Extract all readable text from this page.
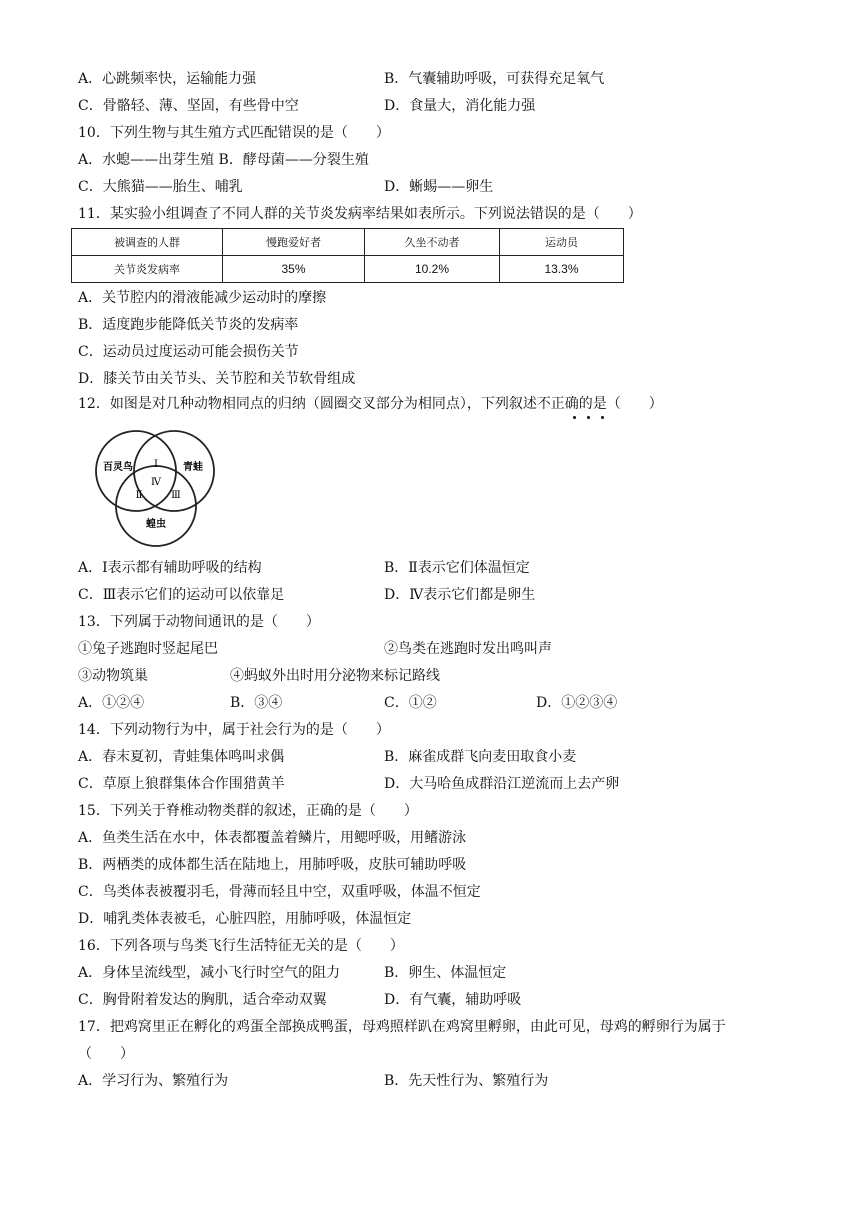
A．心跳频率快，运输能力强	B．气囊辅助呼吸，可获得充足氧气
C．骨骼轻、薄、坚固，有些骨中空	D．食量大，消化能力强
10．下列生物与其生殖方式匹配错误的是（　　）
A．水螅——出芽生殖 B．酵母菌——分裂生殖
C．大熊猫——胎生、哺乳	D．蜥蜴——卵生
11．某实验小组调查了不同人群的关节炎发病率结果如表所示。下列说法错误的是（　　）
被调查的人群	慢跑爱好者	久坐不动者	运动员
关节炎发病率	35%	10.2%	13.3%
A．关节腔内的滑液能减少运动时的摩擦
B．适度跑步能降低关节炎的发病率
C．运动员过度运动可能会损伤关节
D．膝关节由关节头、关节腔和关节软骨组成
12．如图是对几种动物相同点的归纳（圆圈交叉部分为相同点），下列叙述不正确的是（　　）
百灵鸟	青蛙
蝗虫
Ⅰ
Ⅱ	Ⅲ
Ⅳ
A．Ⅰ表示都有辅助呼吸的结构	B．Ⅱ表示它们体温恒定
C．Ⅲ表示它们的运动可以依靠足	D．Ⅳ表示它们都是卵生
13．下列属于动物间通讯的是（　　）
①兔子逃跑时竖起尾巴	②鸟类在逃跑时发出鸣叫声
③动物筑巢	④蚂蚁外出时用分泌物来标记路线
A．①②④	B．③④	C．①②	D．①②③④
14．下列动物行为中，属于社会行为的是（　　）
A．春末夏初，青蛙集体鸣叫求偶	B．麻雀成群飞向麦田取食小麦
C．草原上狼群集体合作围猎黄羊	D．大马哈鱼成群沿江逆流而上去产卵
15．下列关于脊椎动物类群的叙述，正确的是（　　）
A．鱼类生活在水中，体表都覆盖着鳞片，用鳃呼吸，用鳍游泳
B．两栖类的成体都生活在陆地上，用肺呼吸，皮肤可辅助呼吸
C．鸟类体表被覆羽毛，骨薄而轻且中空，双重呼吸，体温不恒定
D．哺乳类体表被毛，心脏四腔，用肺呼吸，体温恒定
16．下列各项与鸟类飞行生活特征无关的是（　　）
A．身体呈流线型，减小飞行时空气的阻力	B．卵生、体温恒定
C．胸骨附着发达的胸肌，适合牵动双翼	D．有气囊，辅助呼吸
17．把鸡窝里正在孵化的鸡蛋全部换成鸭蛋，母鸡照样趴在鸡窝里孵卵，由此可见，母鸡的孵卵行为属于
（　　）
A．学习行为、繁殖行为	B．先天性行为、繁殖行为
